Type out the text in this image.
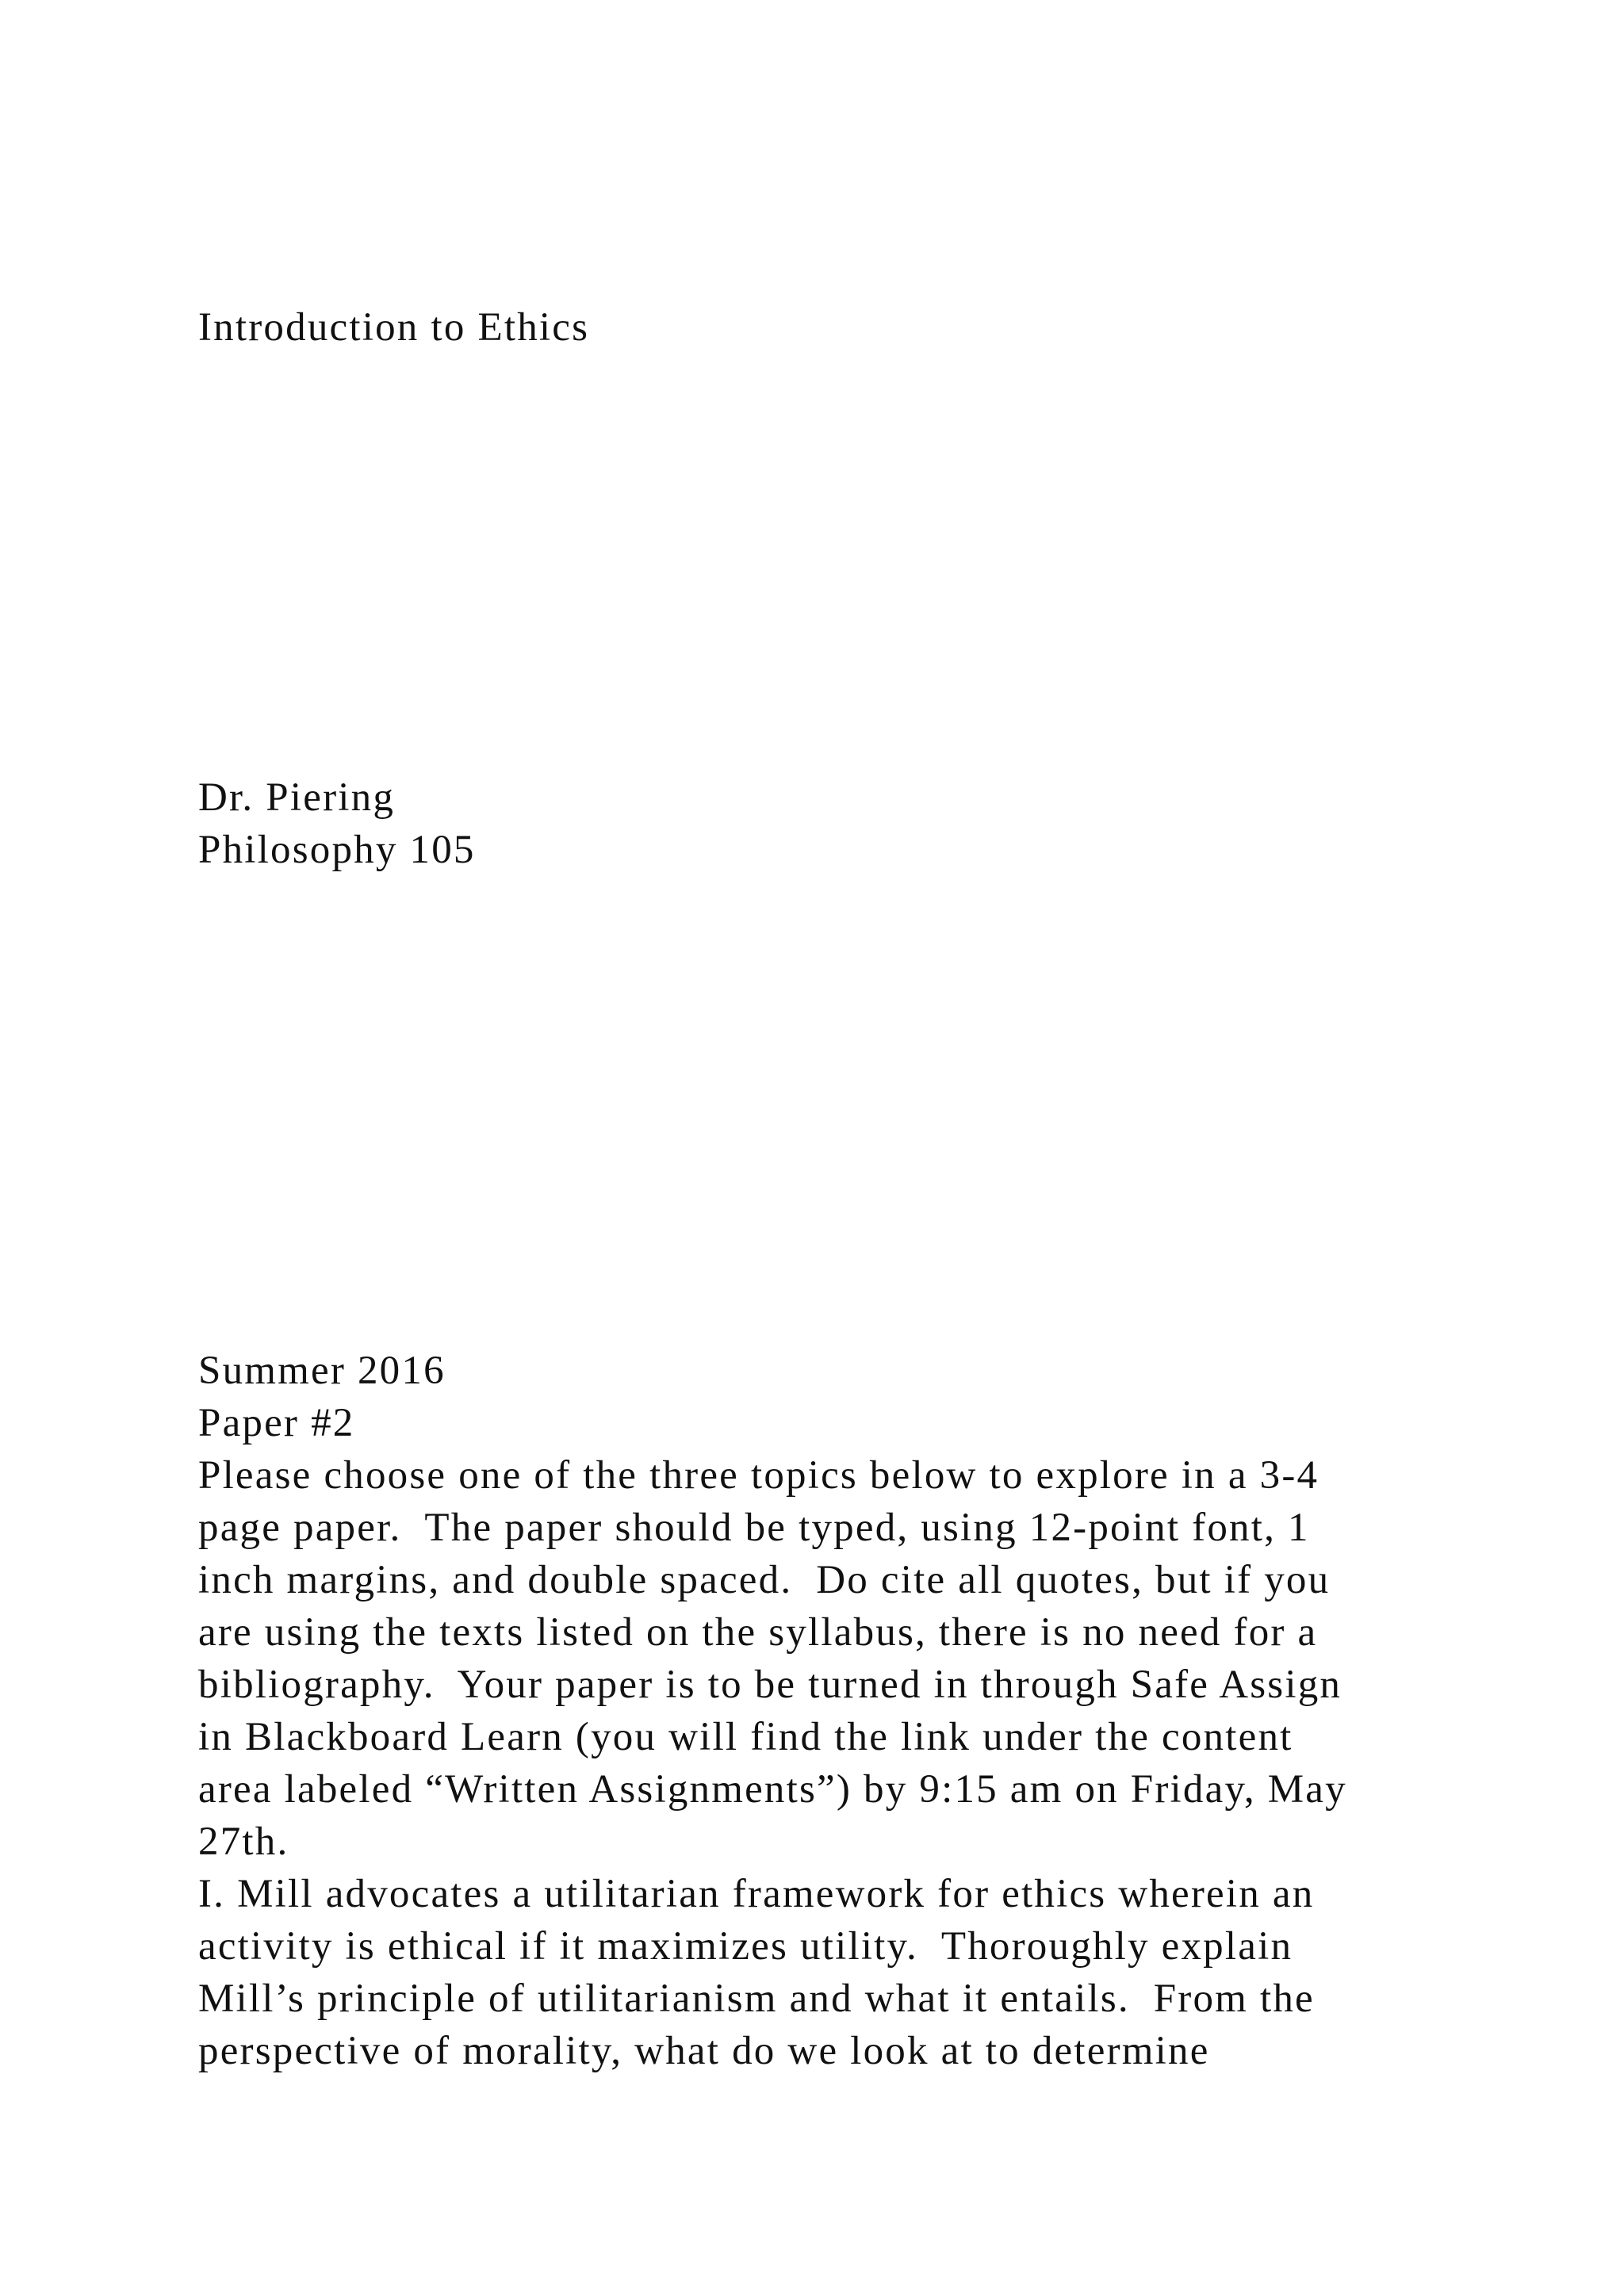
Introduction to Ethics
Dr. Piering
Philosophy 105
Summer 2016
Paper #2
Please choose one of the three topics below to explore in a 3-4
page paper.  The paper should be typed, using 12-point font, 1
inch margins, and double spaced.  Do cite all quotes, but if you
are using the texts listed on the syllabus, there is no need for a
bibliography.  Your paper is to be turned in through Safe Assign
in Blackboard Learn (you will find the link under the content
area labeled “Written Assignments”) by 9:15 am on Friday, May
27th.
I. Mill advocates a utilitarian framework for ethics wherein an
activity is ethical if it maximizes utility.  Thoroughly explain
Mill’s principle of utilitarianism and what it entails.  From the
perspective of morality, what do we look at to determine
